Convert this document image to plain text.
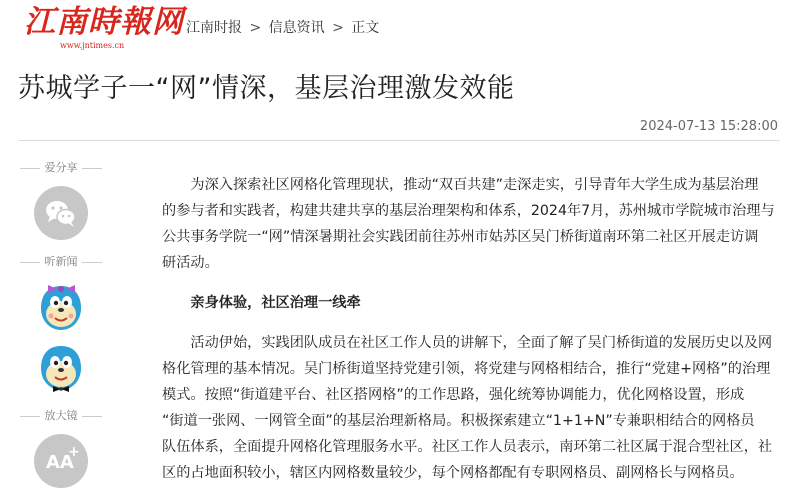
江南時報网
www.jntimes.cn
江南时报 > 信息资讯 > 正文
苏城学子一“网”情深，基层治理激发效能
2024-07-13 15:28:00
爱分享
听新闻
放大镜
AA
+
为深入探索社区网格化管理现状，推动“双百共建”走深走实，引导青年大学生成为基层治理
的参与者和实践者，构建共建共享的基层治理架构和体系，2024年7月，苏州城市学院城市治理与
公共事务学院一“网”情深暑期社会实践团前往苏州市姑苏区吴门桥街道南环第二社区开展走访调
研活动。
亲身体验，社区治理一线牵
活动伊始，实践团队成员在社区工作人员的讲解下，全面了解了吴门桥街道的发展历史以及网
格化管理的基本情况。吴门桥街道坚持党建引领，将党建与网格相结合，推行“党建+网格”的治理
模式。按照“街道建平台、社区搭网格”的工作思路，强化统筹协调能力，优化网格设置，形成
“街道一张网、一网管全面”的基层治理新格局。积极探索建立“1+1+N”专兼职相结合的网格员
队伍体系，全面提升网格化管理服务水平。社区工作人员表示，南环第二社区属于混合型社区，社
区的占地面积较小，辖区内网格数量较少，每个网格都配有专职网格员、副网格长与网格员。
